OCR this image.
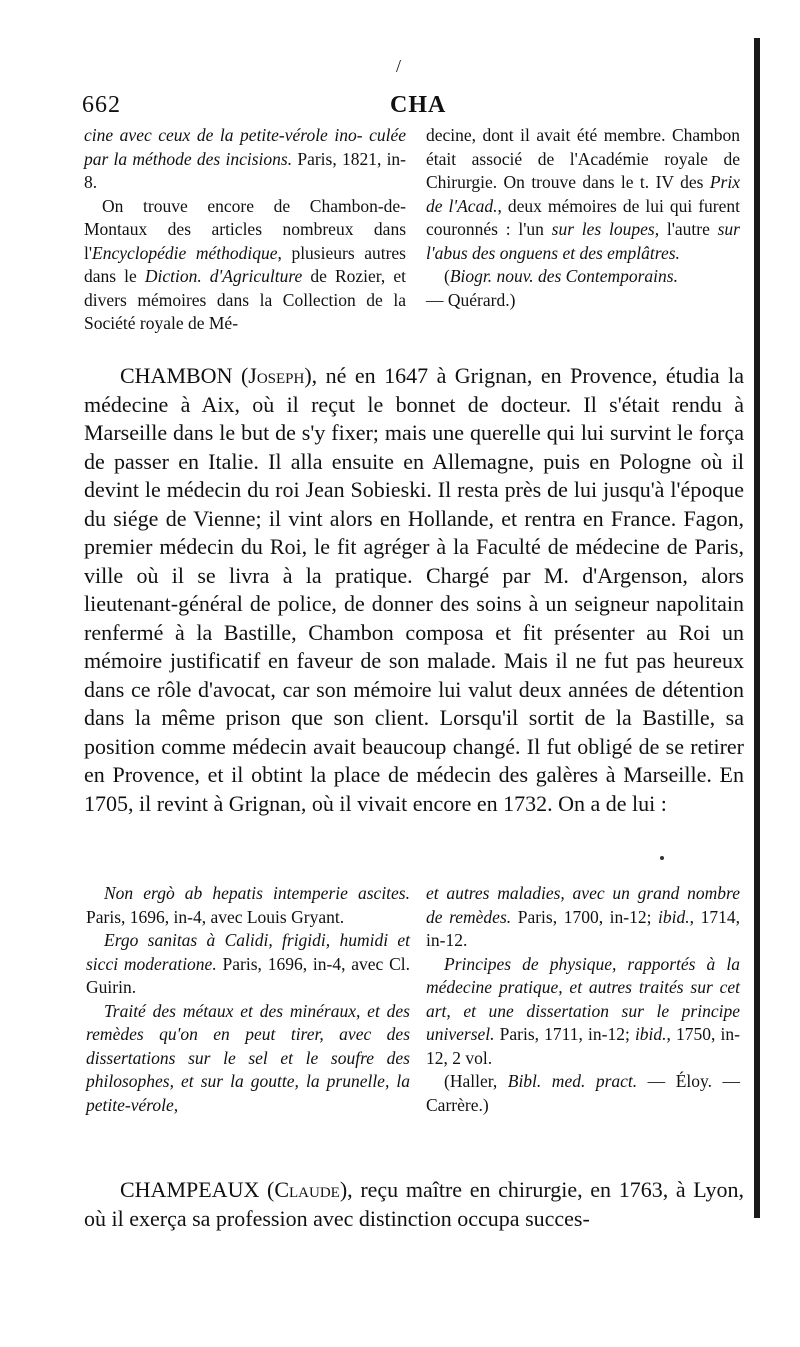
/
662	CHA

cine avec ceux de la petite-vérole ino- culée par la méthode des incisions. Paris, 1821, in-8.

On trouve encore de Chambon-de-Montaux des articles nombreux dans l'Encyclopédie méthodique, plusieurs autres dans le Diction. d'Agriculture de Rozier, et divers mémoires dans la Collection de la Société royale de Mé-

decine, dont il avait été membre. Chambon était associé de l'Académie royale de Chirurgie. On trouve dans le t. IV des Prix de l'Acad., deux mémoires de lui qui furent couronnés : l'un sur les loupes, l'autre sur l'abus des onguens et des emplâtres.

(Biogr. nouv. des Contemporains.
— Quérard.)

CHAMBON (Joseph), né en 1647 à Grignan, en Provence, étudia la médecine à Aix, où il reçut le bonnet de docteur. Il s'était rendu à Marseille dans le but de s'y fixer; mais une querelle qui lui survint le força de passer en Italie. Il alla ensuite en Allemagne, puis en Pologne où il devint le médecin du roi Jean Sobieski. Il resta près de lui jusqu'à l'époque du siége de Vienne; il vint alors en Hollande, et rentra en France. Fagon, premier médecin du Roi, le fit agréger à la Faculté de médecine de Paris, ville où il se livra à la pratique. Chargé par M. d'Argenson, alors lieutenant-général de police, de donner des soins à un seigneur napolitain renfermé à la Bastille, Chambon composa et fit présenter au Roi un mémoire justificatif en faveur de son malade. Mais il ne fut pas heureux dans ce rôle d'avocat, car son mémoire lui valut deux années de détention dans la même prison que son client. Lorsqu'il sortit de la Bastille, sa position comme médecin avait beaucoup changé. Il fut obligé de se retirer en Provence, et il obtint la place de médecin des galères à Marseille. En 1705, il revint à Grignan, où il vivait encore en 1732. On a de lui :

Non ergò ab hepatis intemperie ascites. Paris, 1696, in-4, avec Louis Gryant.

Ergo sanitas à Calidi, frigidi, humidi et sicci moderatione. Paris, 1696, in-4, avec Cl. Guirin.

Traité des métaux et des minéraux, et des remèdes qu'on en peut tirer, avec des dissertations sur le sel et le soufre des philosophes, et sur la goutte, la prunelle, la petite-vérole,

et autres maladies, avec un grand nombre de remèdes. Paris, 1700, in-12; ibid., 1714, in-12.

Principes de physique, rapportés à la médecine pratique, et autres traités sur cet art, et une dissertation sur le principe universel. Paris, 1711, in-12; ibid., 1750, in-12, 2 vol.

(Haller, Bibl. med. pract. — Éloy. — Carrère.)

CHAMPEAUX (Claude), reçu maître en chirurgie, en 1763, à Lyon, où il exerça sa profession avec distinction occupa succes-
